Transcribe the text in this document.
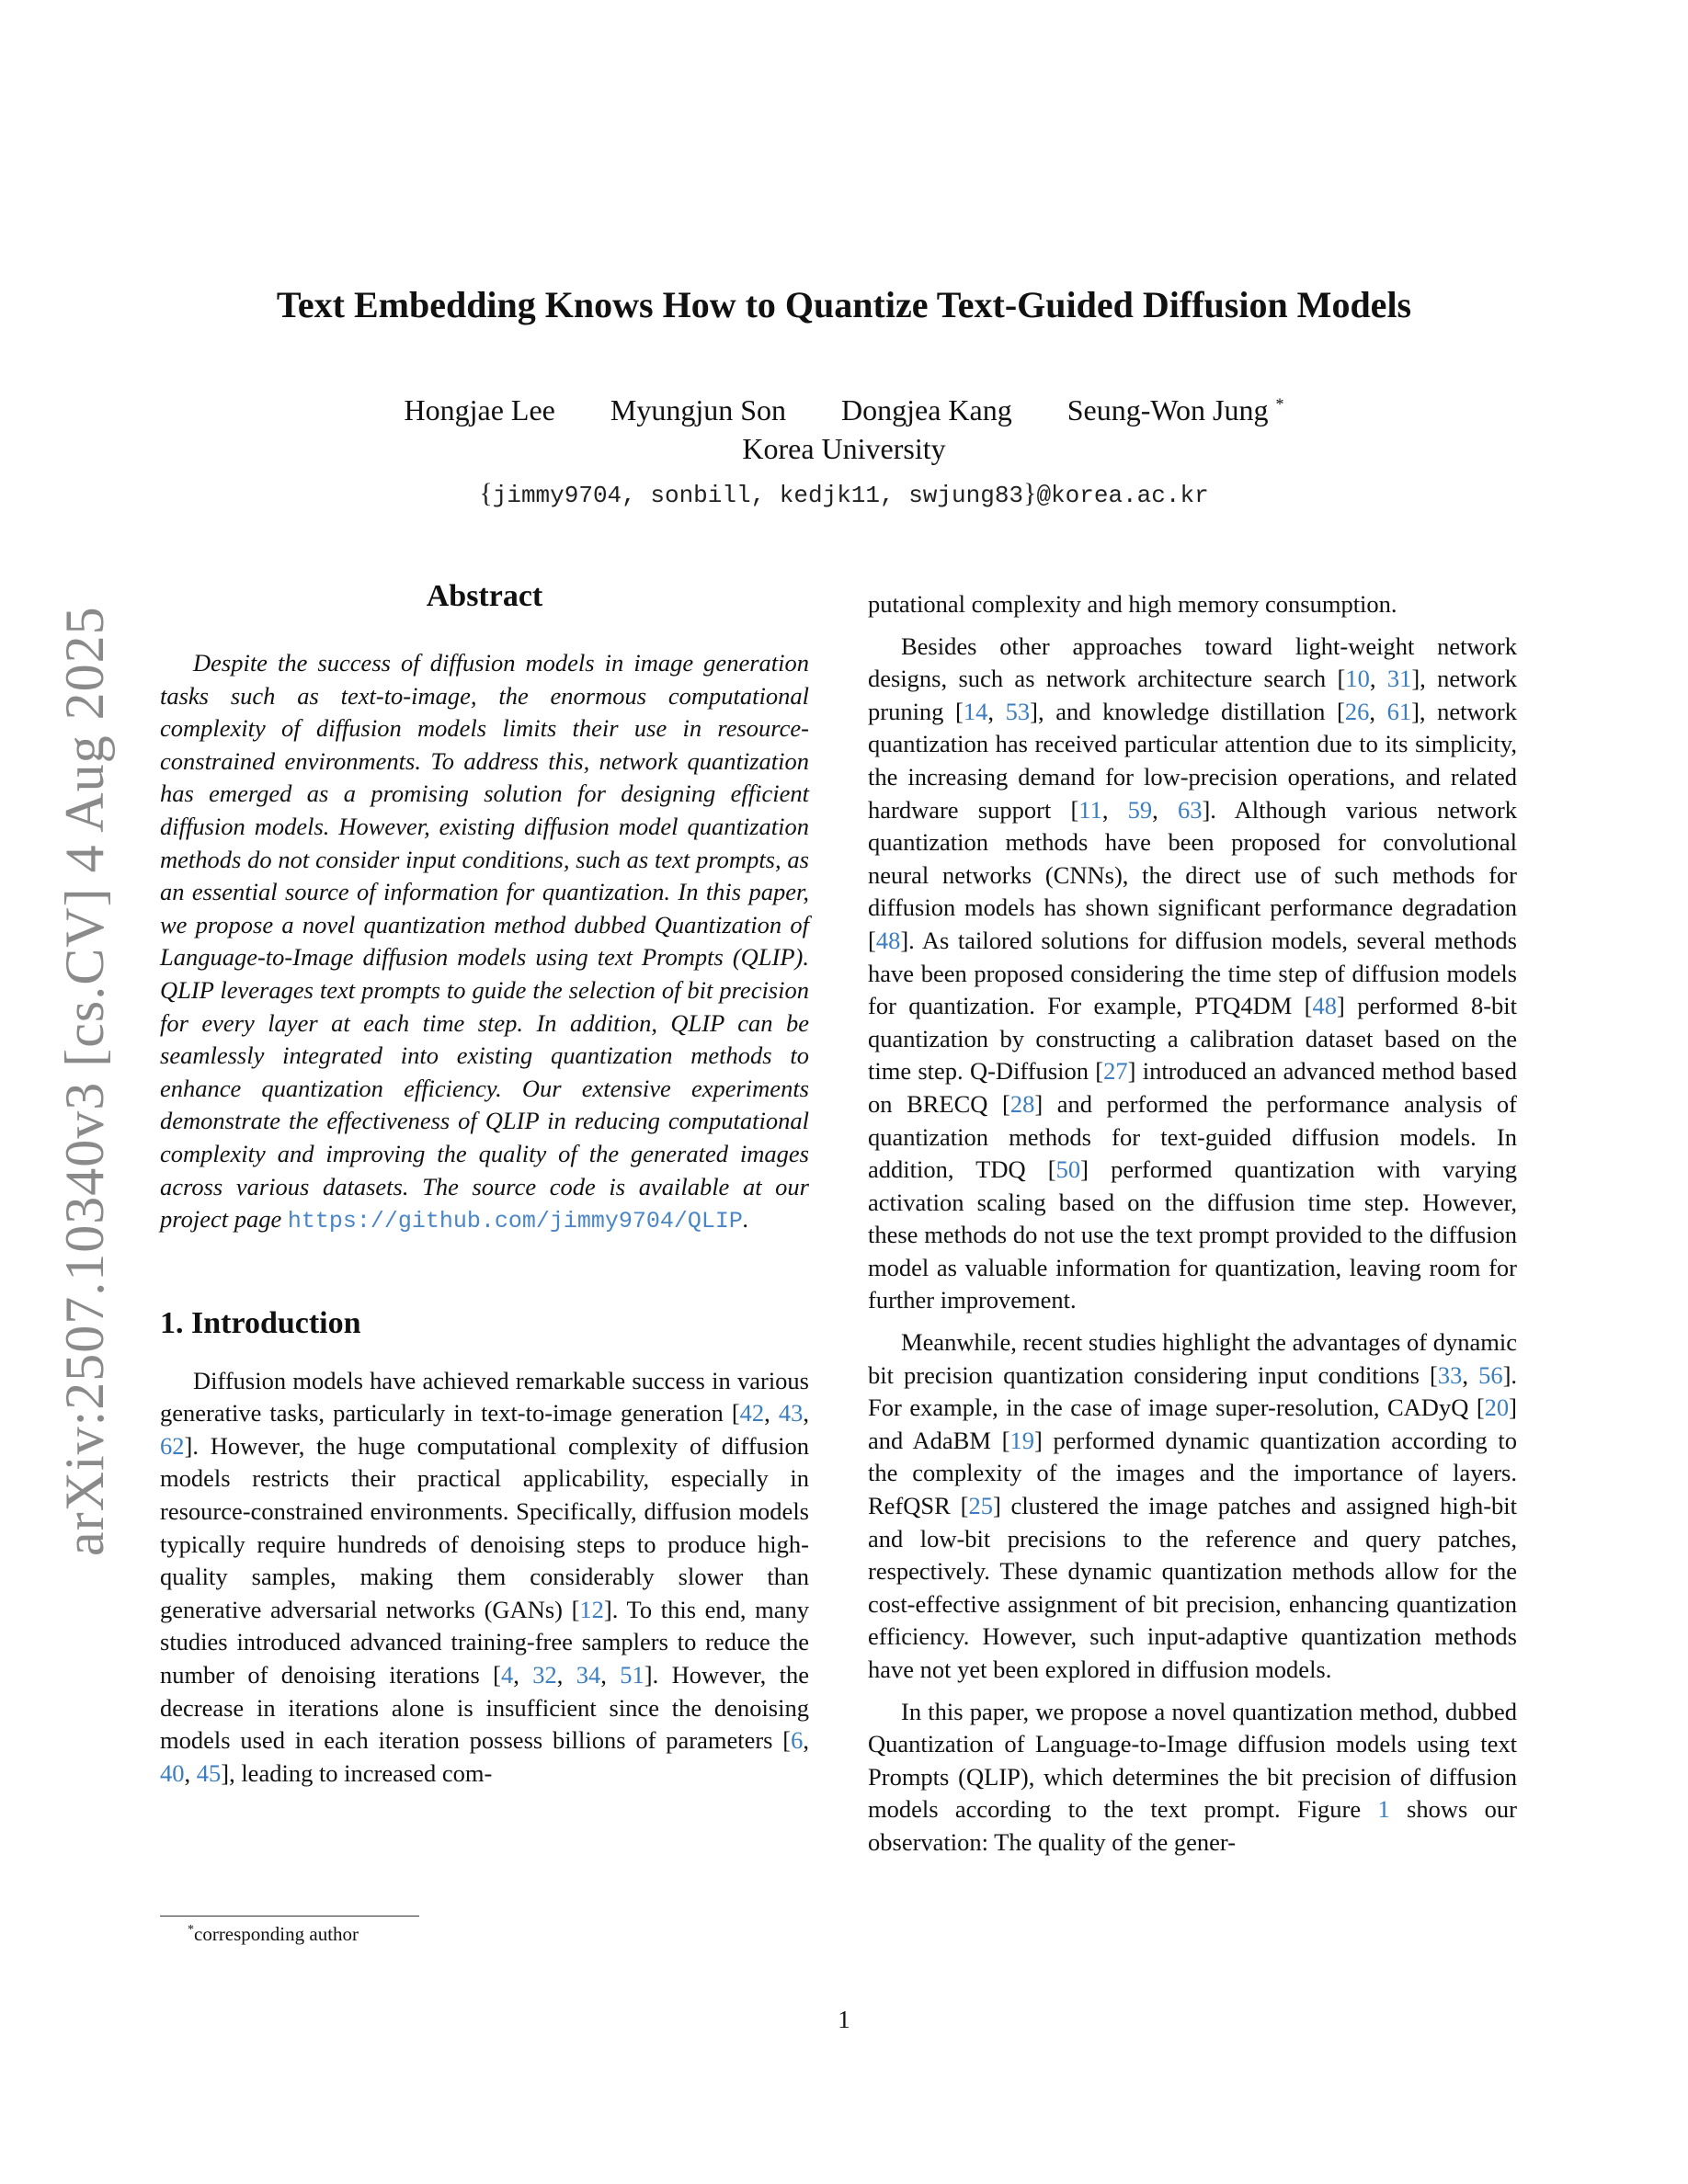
arXiv:2507.10340v3 [cs.CV] 4 Aug 2025
Text Embedding Knows How to Quantize Text-Guided Diffusion Models
Hongjae Lee Myungjun Son Dongjea Kang Seung-Won Jung *
Korea University
{jimmy9704, sonbill, kedjk11, swjung83}@korea.ac.kr
Abstract

Despite the success of diffusion models in image generation tasks such as text-to-image, the enormous computational complexity of diffusion models limits their use in resource-constrained environments. To address this, network quantization has emerged as a promising solution for designing efficient diffusion models. However, existing diffusion model quantization methods do not consider input conditions, such as text prompts, as an essential source of information for quantization. In this paper, we propose a novel quantization method dubbed Quantization of Language-to-Image diffusion models using text Prompts (QLIP). QLIP leverages text prompts to guide the selection of bit precision for every layer at each time step. In addition, QLIP can be seamlessly integrated into existing quantization methods to enhance quantization efficiency. Our extensive experiments demonstrate the effectiveness of QLIP in reducing computational complexity and improving the quality of the generated images across various datasets. The source code is available at our project page https://github.com/jimmy9704/QLIP.

1. Introduction

Diffusion models have achieved remarkable success in various generative tasks, particularly in text-to-image generation [42, 43, 62]. However, the huge computational complexity of diffusion models restricts their practical applicability, especially in resource-constrained environments. Specifically, diffusion models typically require hundreds of denoising steps to produce high-quality samples, making them considerably slower than generative adversarial networks (GANs) [12]. To this end, many studies introduced advanced training-free samplers to reduce the number of denoising iterations [4, 32, 34, 51]. However, the decrease in iterations alone is insufficient since the denoising models used in each iteration possess billions of parameters [6, 40, 45], leading to increased com-

putational complexity and high memory consumption.

Besides other approaches toward light-weight network designs, such as network architecture search [10, 31], network pruning [14, 53], and knowledge distillation [26, 61], network quantization has received particular attention due to its simplicity, the increasing demand for low-precision operations, and related hardware support [11, 59, 63]. Although various network quantization methods have been proposed for convolutional neural networks (CNNs), the direct use of such methods for diffusion models has shown significant performance degradation [48]. As tailored solutions for diffusion models, several methods have been proposed considering the time step of diffusion models for quantization. For example, PTQ4DM [48] performed 8-bit quantization by constructing a calibration dataset based on the time step. Q-Diffusion [27] introduced an advanced method based on BRECQ [28] and performed the performance analysis of quantization methods for text-guided diffusion models. In addition, TDQ [50] performed quantization with varying activation scaling based on the diffusion time step. However, these methods do not use the text prompt provided to the diffusion model as valuable information for quantization, leaving room for further improvement.

Meanwhile, recent studies highlight the advantages of dynamic bit precision quantization considering input conditions [33, 56]. For example, in the case of image super-resolution, CADyQ [20] and AdaBM [19] performed dynamic quantization according to the complexity of the images and the importance of layers. RefQSR [25] clustered the image patches and assigned high-bit and low-bit precisions to the reference and query patches, respectively. These dynamic quantization methods allow for the cost-effective assignment of bit precision, enhancing quantization efficiency. However, such input-adaptive quantization methods have not yet been explored in diffusion models.

In this paper, we propose a novel quantization method, dubbed Quantization of Language-to-Image diffusion models using text Prompts (QLIP), which determines the bit precision of diffusion models according to the text prompt. Figure 1 shows our observation: The quality of the gener-

*corresponding author
1
